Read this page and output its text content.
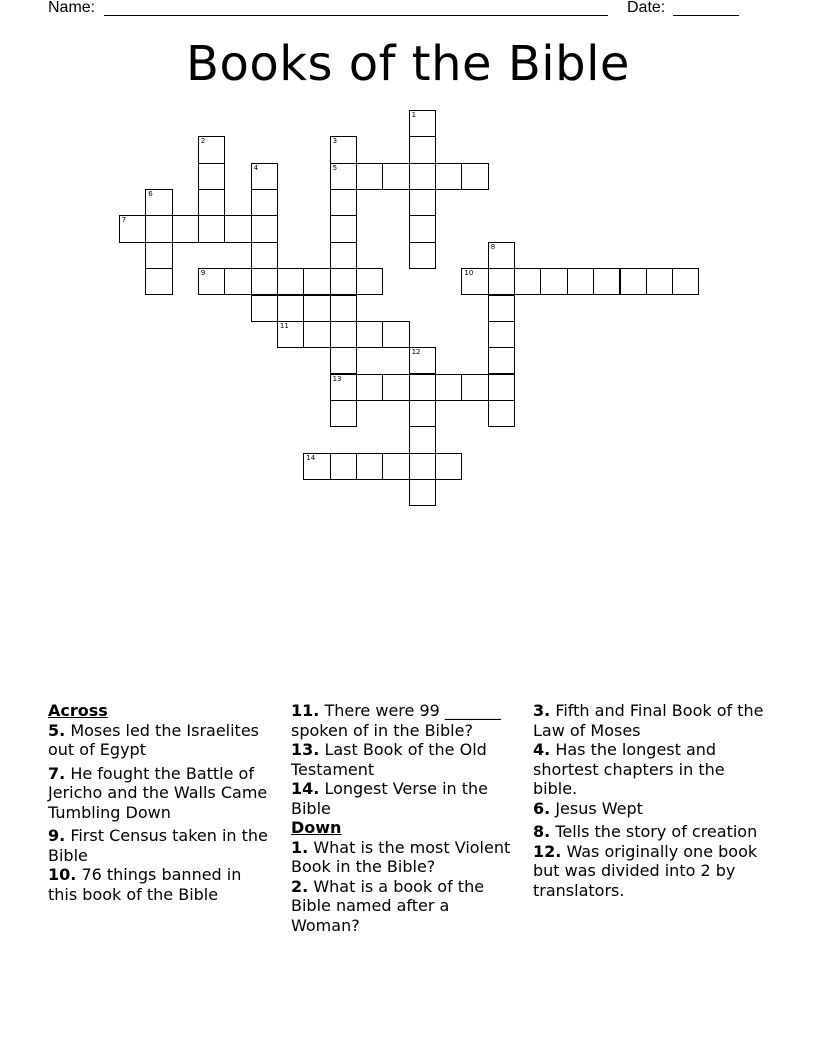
Name:	Date:
Books of the Bible
1
2	3
5
13
4
6
7
8
9	10
11
12
14

Across

5. Moses led the Israelites out of Egypt

7. He fought the Battle of Jericho and the Walls Came Tumbling Down

9. First Census taken in the Bible

10. 76 things banned in this book of the Bible

11. There were 99 _______ spoken of in the Bible?

13. Last Book of the Old Testament

14. Longest Verse in the Bible

Down

1. What is the most Violent Book in the Bible?

2. What is a book of the Bible named after a Woman?

3. Fifth and Final Book of the Law of Moses

4. Has the longest and shortest chapters in the bible.

6. Jesus Wept

8. Tells the story of creation

12. Was originally one book but was divided into 2 by translators.
